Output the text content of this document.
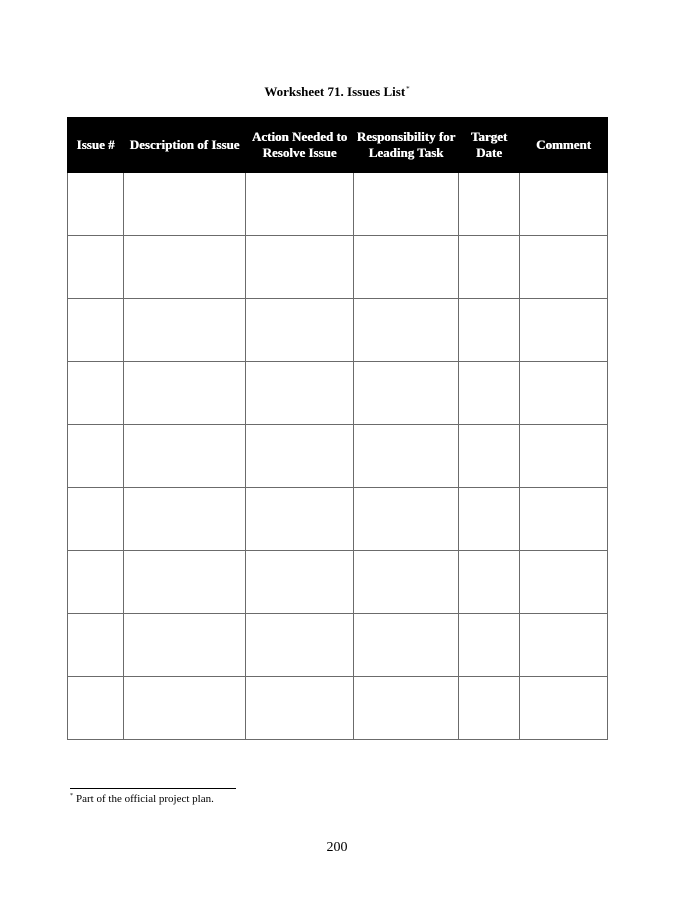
Worksheet 71. Issues List*
Issue #	Description of Issue	Action Needed to Resolve Issue	Responsibility for Leading Task	Target Date	Comment

* Part of the official project plan.
200
